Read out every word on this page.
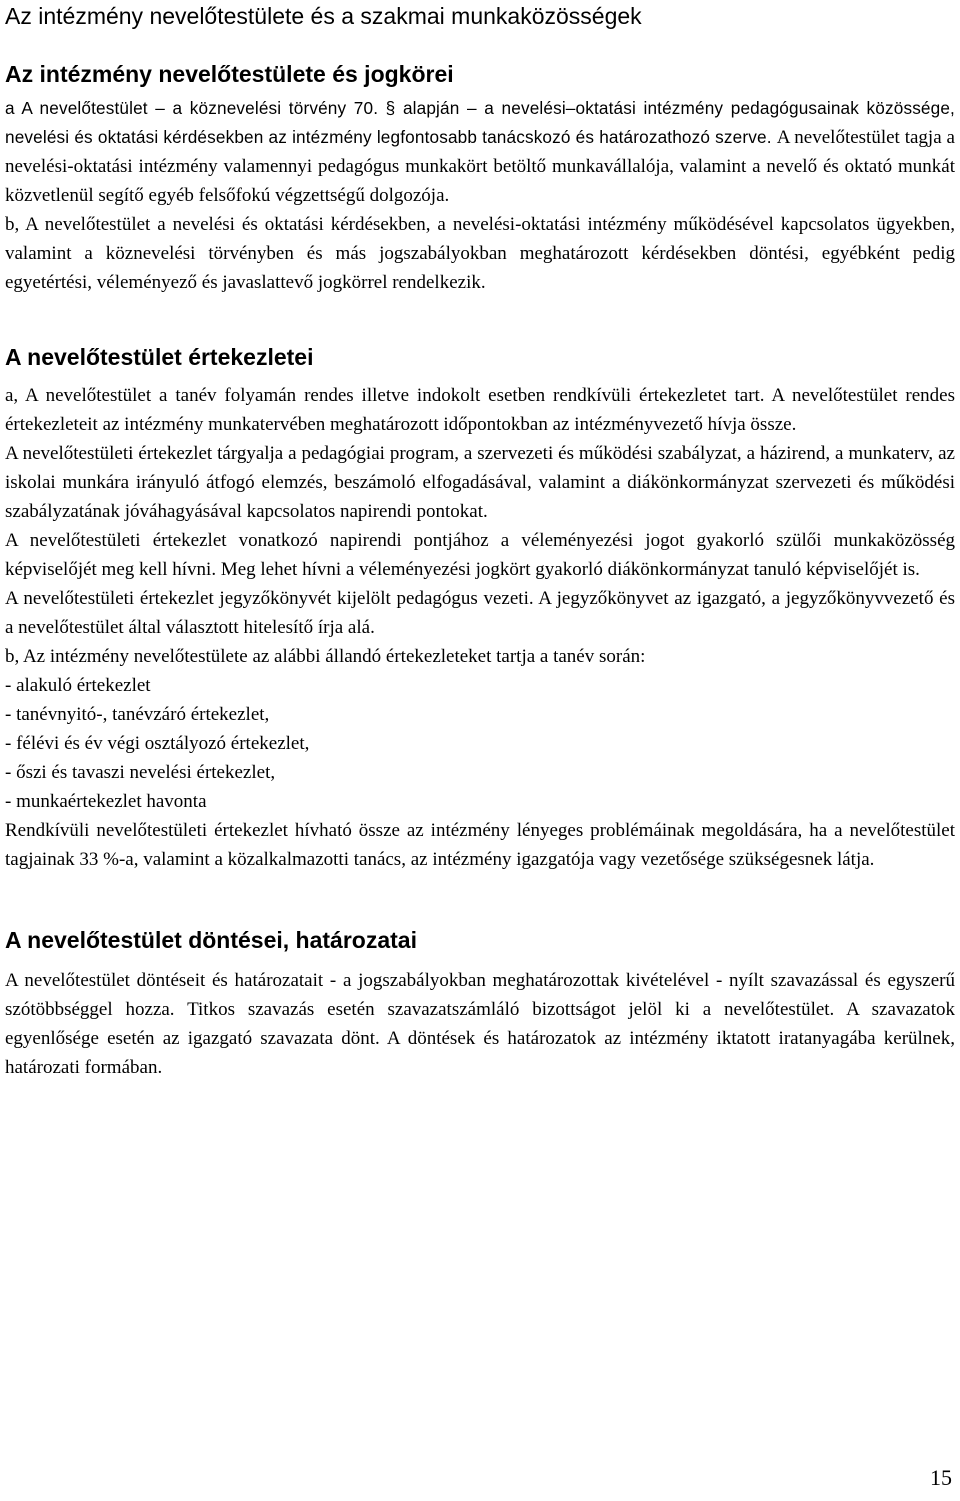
Az intézmény nevelőtestülete és a szakmai munkaközösségek
Az intézmény nevelőtestülete és jogkörei

a A nevelőtestület – a köznevelési törvény 70. § alapján – a nevelési–oktatási intézmény pedagógusainak közössége, nevelési és oktatási kérdésekben az intézmény legfontosabb tanácskozó és határozathozó szerve. A nevelőtestület tagja a nevelési-oktatási intézmény valamennyi pedagógus munkakört betöltő munkavállalója, valamint a nevelő és oktató munkát közvetlenül segítő egyéb felsőfokú végzettségű dolgozója.

b, A nevelőtestület a nevelési és oktatási kérdésekben, a nevelési-oktatási intézmény működésével kapcsolatos ügyekben, valamint a köznevelési törvényben és más jogszabályokban meghatározott kérdésekben döntési, egyébként pedig egyetértési, véleményező és javaslattevő jogkörrel rendelkezik.

A nevelőtestület értekezletei

a, A nevelőtestület a tanév folyamán rendes illetve indokolt esetben rendkívüli értekezletet tart. A nevelőtestület rendes értekezleteit az intézmény munkatervében meghatározott időpontokban az intézményvezető hívja össze.

A nevelőtestületi értekezlet tárgyalja a pedagógiai program, a szervezeti és működési szabályzat, a házirend, a munkaterv, az iskolai munkára irányuló átfogó elemzés, beszámoló elfogadásával, valamint a diákönkormányzat szervezeti és működési szabályzatának jóváhagyásával kapcsolatos napirendi pontokat.

A nevelőtestületi értekezlet vonatkozó napirendi pontjához a véleményezési jogot gyakorló szülői munkaközösség képviselőjét meg kell hívni. Meg lehet hívni a véleményezési jogkört gyakorló diákönkormányzat tanuló képviselőjét is.

A nevelőtestületi értekezlet jegyzőkönyvét kijelölt pedagógus vezeti. A jegyzőkönyvet az igazgató, a jegyzőkönyvvezető és a nevelőtestület által választott hitelesítő írja alá.

b, Az intézmény nevelőtestülete az alábbi állandó értekezleteket tartja a tanév során:

- alakuló értekezlet

- tanévnyitó-, tanévzáró értekezlet,

- félévi és év végi osztályozó értekezlet,

- őszi és tavaszi nevelési értekezlet,

- munkaértekezlet havonta

Rendkívüli nevelőtestületi értekezlet hívható össze az intézmény lényeges problémáinak megoldására, ha a nevelőtestület tagjainak 33 %-a, valamint a közalkalmazotti tanács, az intézmény igazgatója vagy vezetősége szükségesnek látja.

A nevelőtestület döntései, határozatai

A nevelőtestület döntéseit és határozatait - a jogszabályokban meghatározottak kivételével - nyílt szavazással és egyszerű szótöbbséggel hozza. Titkos szavazás esetén szavazatszámláló bizottságot jelöl ki a nevelőtestület. A szavazatok egyenlősége esetén az igazgató szavazata dönt. A döntések és határozatok az intézmény iktatott iratanyagába kerülnek, határozati formában.

15
